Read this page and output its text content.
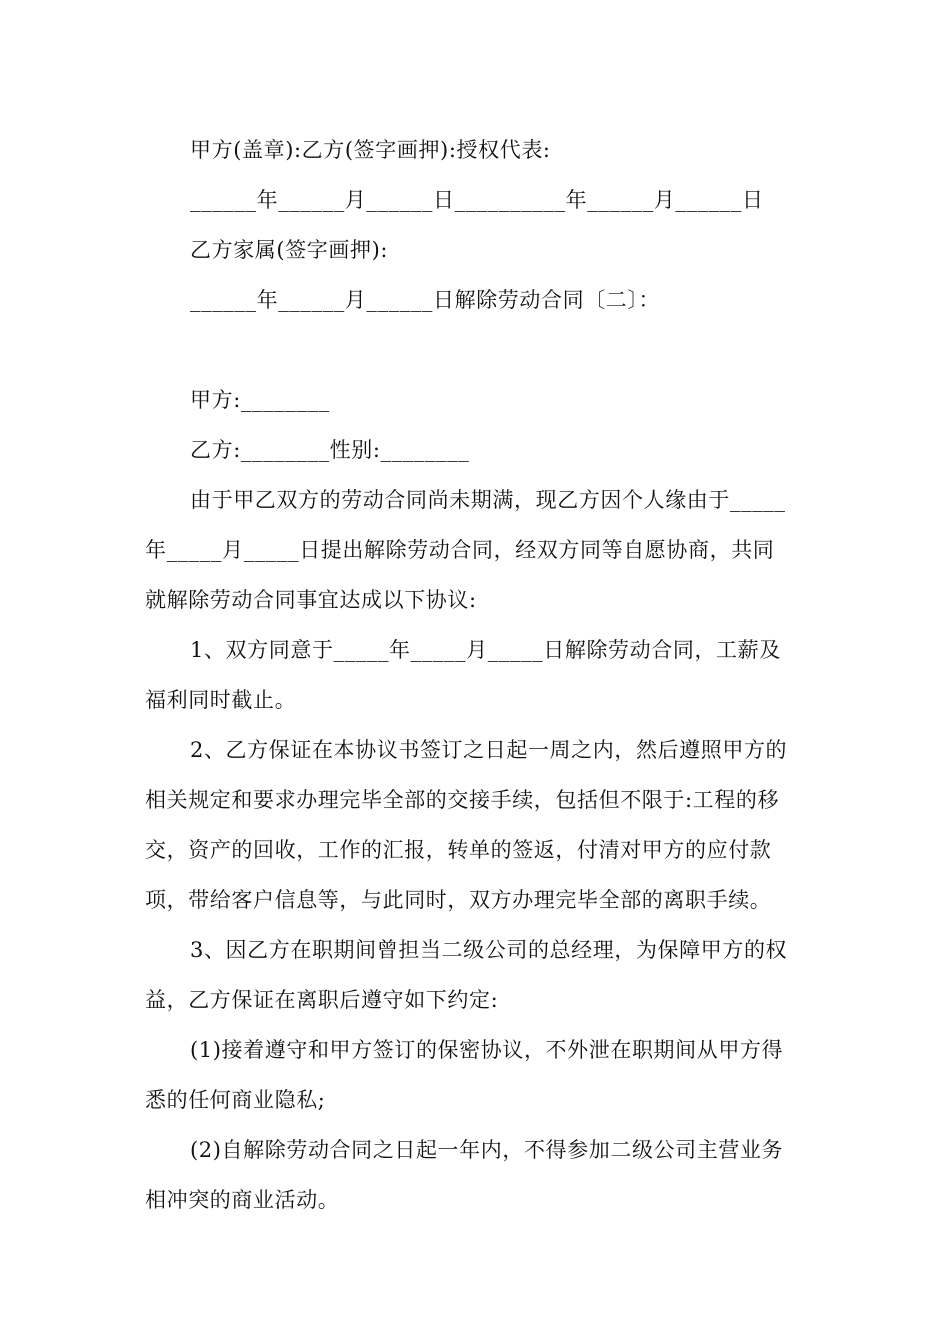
甲方(盖章):乙方(签字画押):授权代表:
______年______月______日__________年______月______日
乙方家属(签字画押):
______年______月______日解除劳动合同〔二〕：
甲方:________
乙方:________性别:________
由于甲乙双方的劳动合同尚未期满，现乙方因个人缘由于_____
年_____月_____日提出解除劳动合同，经双方同等自愿协商，共同
就解除劳动合同事宜达成以下协议:
1、双方同意于_____年_____月_____日解除劳动合同，工薪及
福利同时截止。
2、乙方保证在本协议书签订之日起一周之内，然后遵照甲方的
相关规定和要求办理完毕全部的交接手续，包括但不限于:工程的移
交，资产的回收，工作的汇报，转单的签返，付清对甲方的应付款
项，带给客户信息等，与此同时，双方办理完毕全部的离职手续。
3、因乙方在职期间曾担当二级公司的总经理，为保障甲方的权
益，乙方保证在离职后遵守如下约定:
(1)接着遵守和甲方签订的保密协议，不外泄在职期间从甲方得
悉的任何商业隐私;
(2)自解除劳动合同之日起一年内，不得参加二级公司主营业务
相冲突的商业活动。
